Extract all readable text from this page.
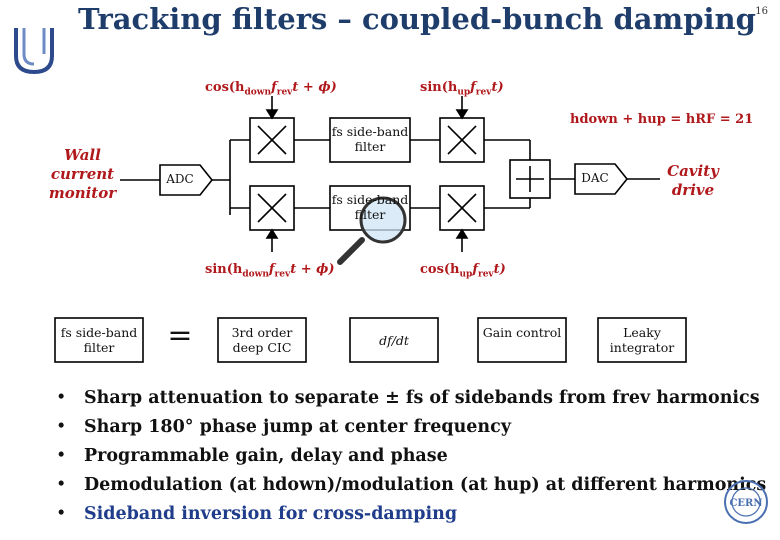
Tracking filters – coupled-bunch damping 16
$\cos(h_{down}f_{rev}t + \phi)$	$\sin(h_{up}f_{rev}t)$
$\sin(h_{down}f_{rev}t + \phi)$	$\cos(h_{up}f_{rev}t)$
hdown + hup = hRF = 21
Wall current monitor
ADC	DAC	Cavity drive
fs side-band filter
fs side-band filter
fs side-band filter	=	3rd order deep CIC	df/dt
Gain control	Leaky integrator
• Sharp attenuation to separate ± fs of sidebands from frev harmonics
• Sharp 180° phase jump at center frequency
• Programmable gain, delay and phase
• Demodulation (at hdown)/modulation (at hup) at different harmonics
• Sideband inversion for cross-damping
CERN
